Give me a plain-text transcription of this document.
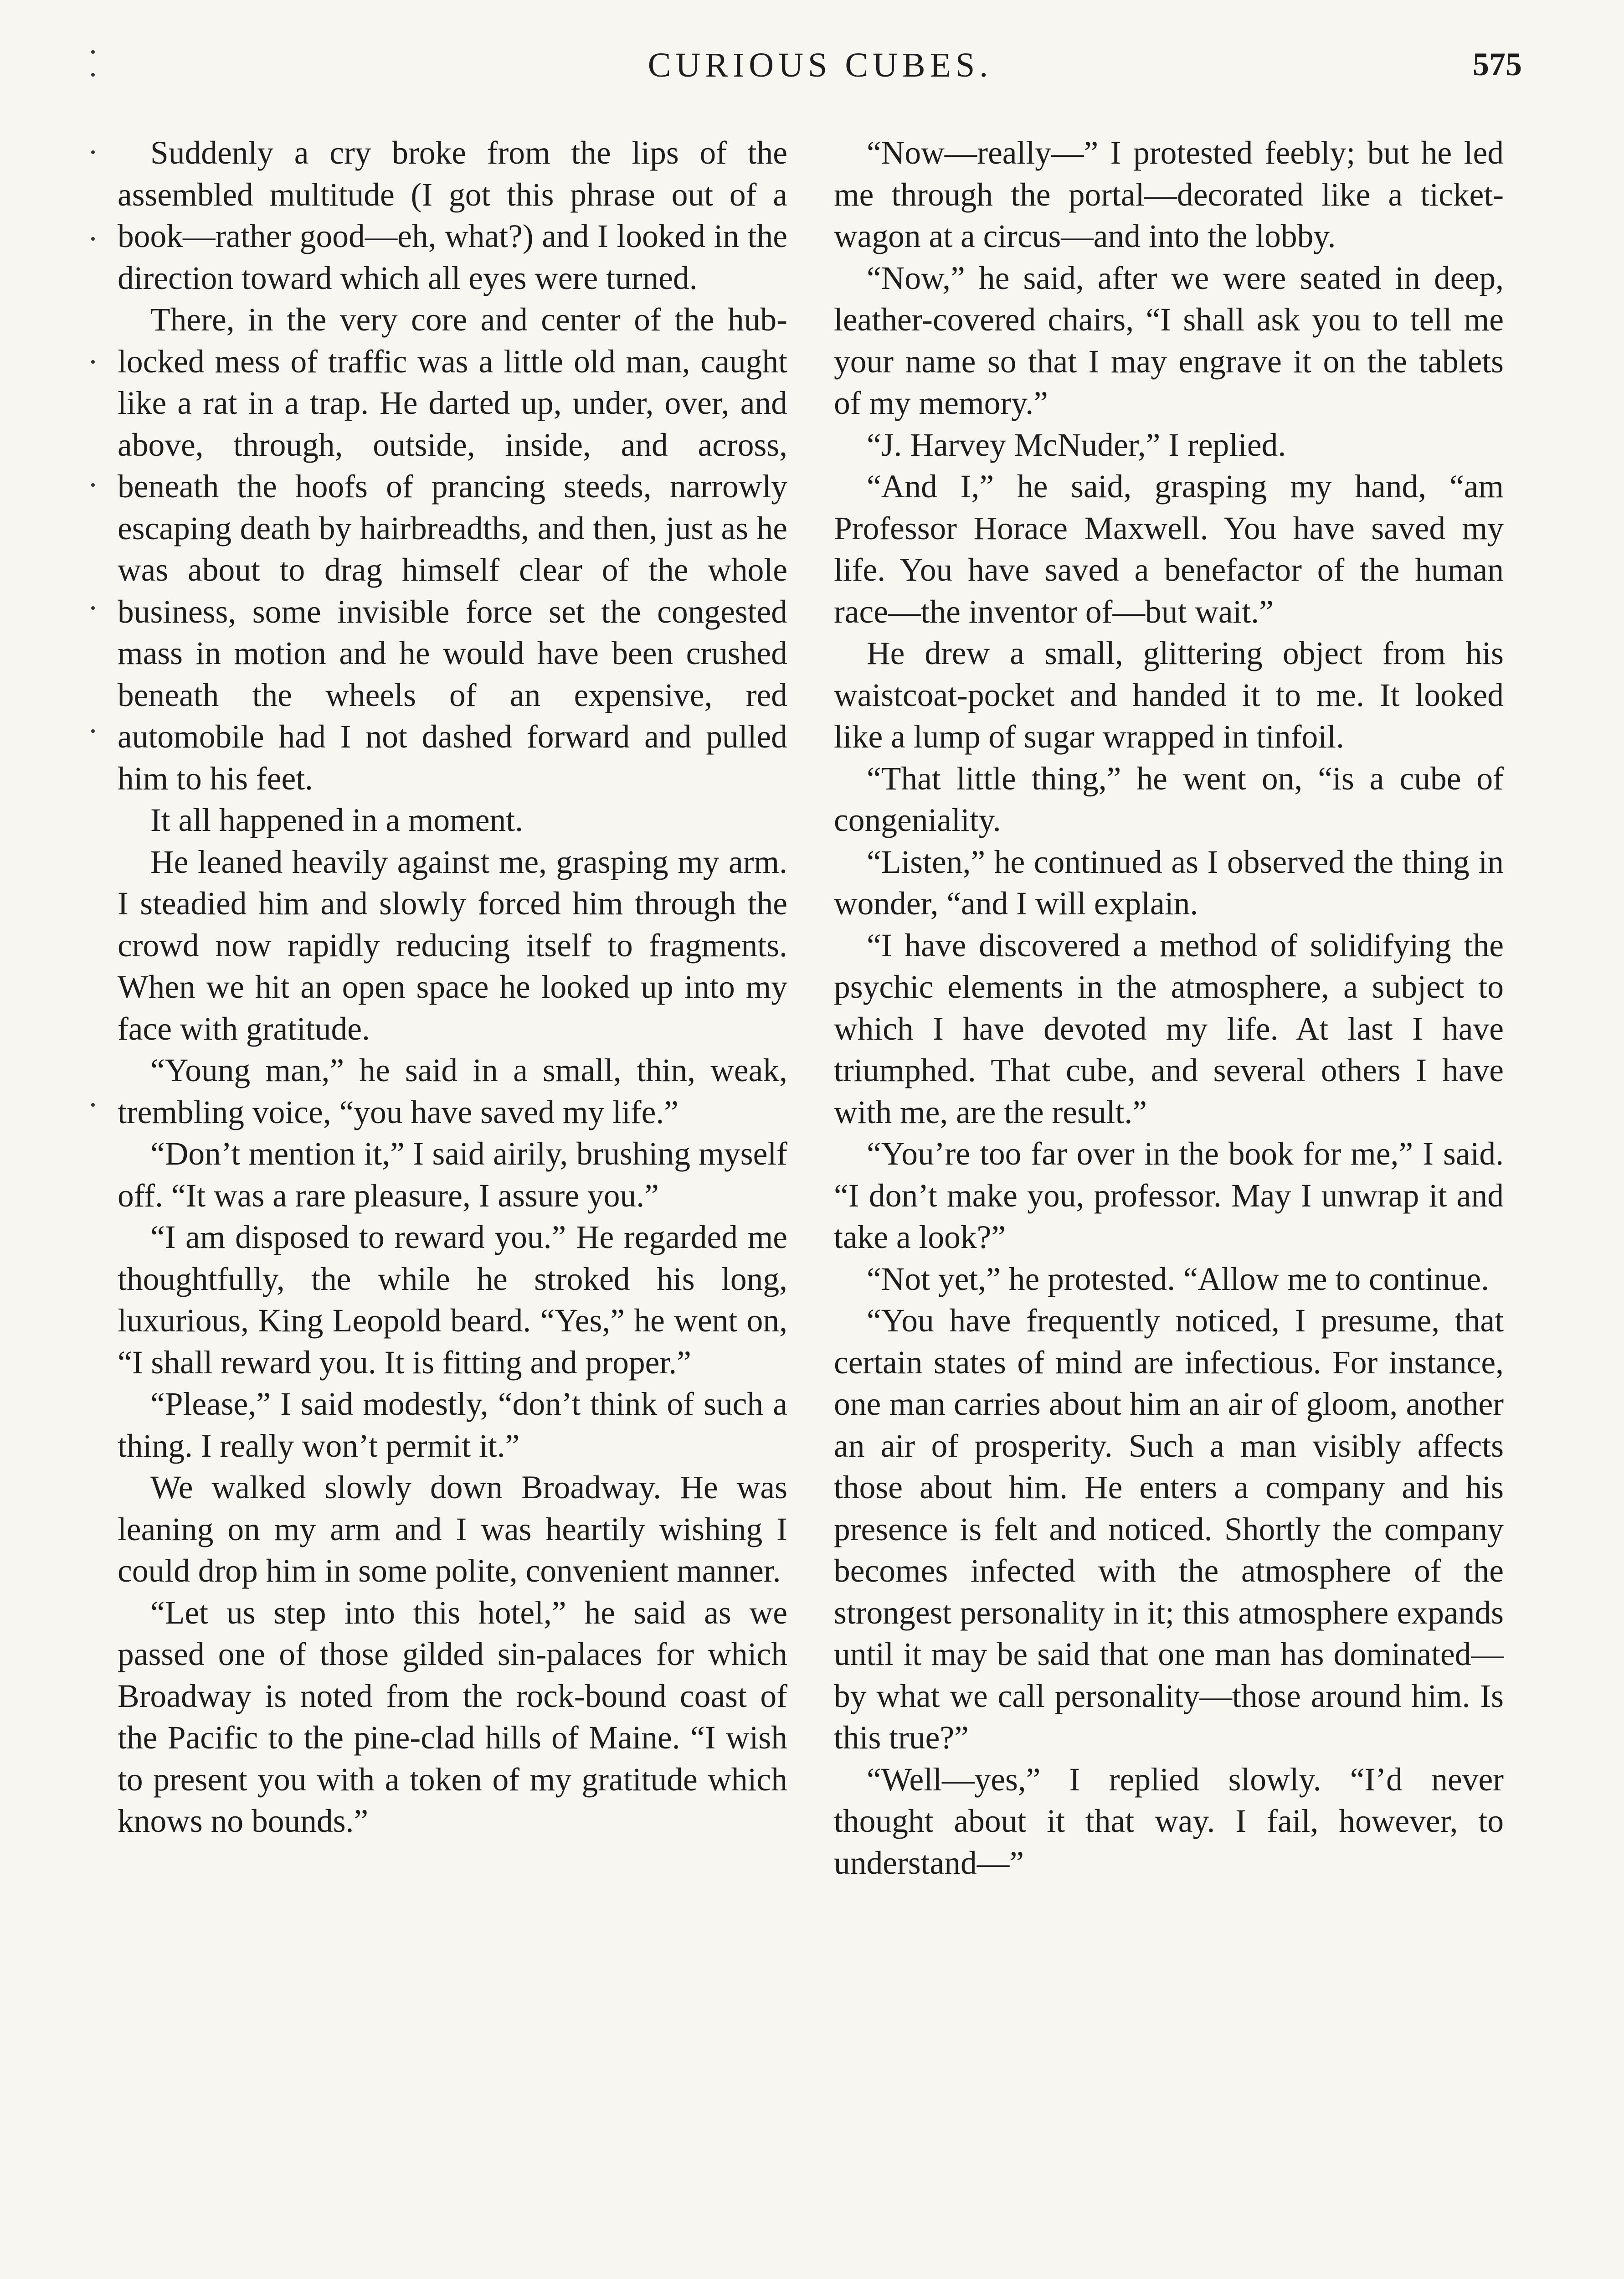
CURIOUS CUBES.	575

Suddenly a cry broke from the lips of the assembled multitude (I got this phrase out of a book—rather good—eh, what?) and I looked in the direction toward which all eyes were turned.

There, in the very core and center of the hub-locked mess of traffic was a little old man, caught like a rat in a trap. He darted up, under, over, and above, through, outside, inside, and across, beneath the hoofs of prancing steeds, narrowly escaping death by hairbreadths, and then, just as he was about to drag himself clear of the whole business, some invisible force set the congested mass in motion and he would have been crushed beneath the wheels of an expensive, red automobile had I not dashed forward and pulled him to his feet.

It all happened in a moment.

He leaned heavily against me, grasping my arm. I steadied him and slowly forced him through the crowd now rapidly reducing itself to fragments. When we hit an open space he looked up into my face with gratitude.

“Young man,” he said in a small, thin, weak, trembling voice, “you have saved my life.”

“Don’t mention it,” I said airily, brushing myself off. “It was a rare pleasure, I assure you.”

“I am disposed to reward you.” He regarded me thoughtfully, the while he stroked his long, luxurious, King Leopold beard. “Yes,” he went on, “I shall reward you. It is fitting and proper.”

“Please,” I said modestly, “don’t think of such a thing. I really won’t permit it.”

We walked slowly down Broadway. He was leaning on my arm and I was heartily wishing I could drop him in some polite, convenient manner.

“Let us step into this hotel,” he said as we passed one of those gilded sin-palaces for which Broadway is noted from the rock-bound coast of the Pacific to the pine-clad hills of Maine. “I wish to present you with a token of my gratitude which knows no bounds.”

“Now—really—” I protested feebly; but he led me through the portal—decorated like a ticket-wagon at a circus—and into the lobby.

“Now,” he said, after we were seated in deep, leather-covered chairs, “I shall ask you to tell me your name so that I may engrave it on the tablets of my memory.”

“J. Harvey McNuder,” I replied.

“And I,” he said, grasping my hand, “am Professor Horace Maxwell. You have saved my life. You have saved a benefactor of the human race—the inventor of—but wait.”

He drew a small, glittering object from his waistcoat-pocket and handed it to me. It looked like a lump of sugar wrapped in tinfoil.

“That little thing,” he went on, “is a cube of congeniality.

“Listen,” he continued as I observed the thing in wonder, “and I will explain.

“I have discovered a method of solidifying the psychic elements in the atmosphere, a subject to which I have devoted my life. At last I have triumphed. That cube, and several others I have with me, are the result.”

“You’re too far over in the book for me,” I said. “I don’t make you, professor. May I unwrap it and take a look?”

“Not yet,” he protested. “Allow me to continue.

“You have frequently noticed, I presume, that certain states of mind are infectious. For instance, one man carries about him an air of gloom, another an air of prosperity. Such a man visibly affects those about him. He enters a company and his presence is felt and noticed. Shortly the company becomes infected with the atmosphere of the strongest personality in it; this atmosphere expands until it may be said that one man has dominated—by what we call personality—those around him. Is this true?”

“Well—yes,” I replied slowly. “I’d never thought about it that way. I fail, however, to understand—”
